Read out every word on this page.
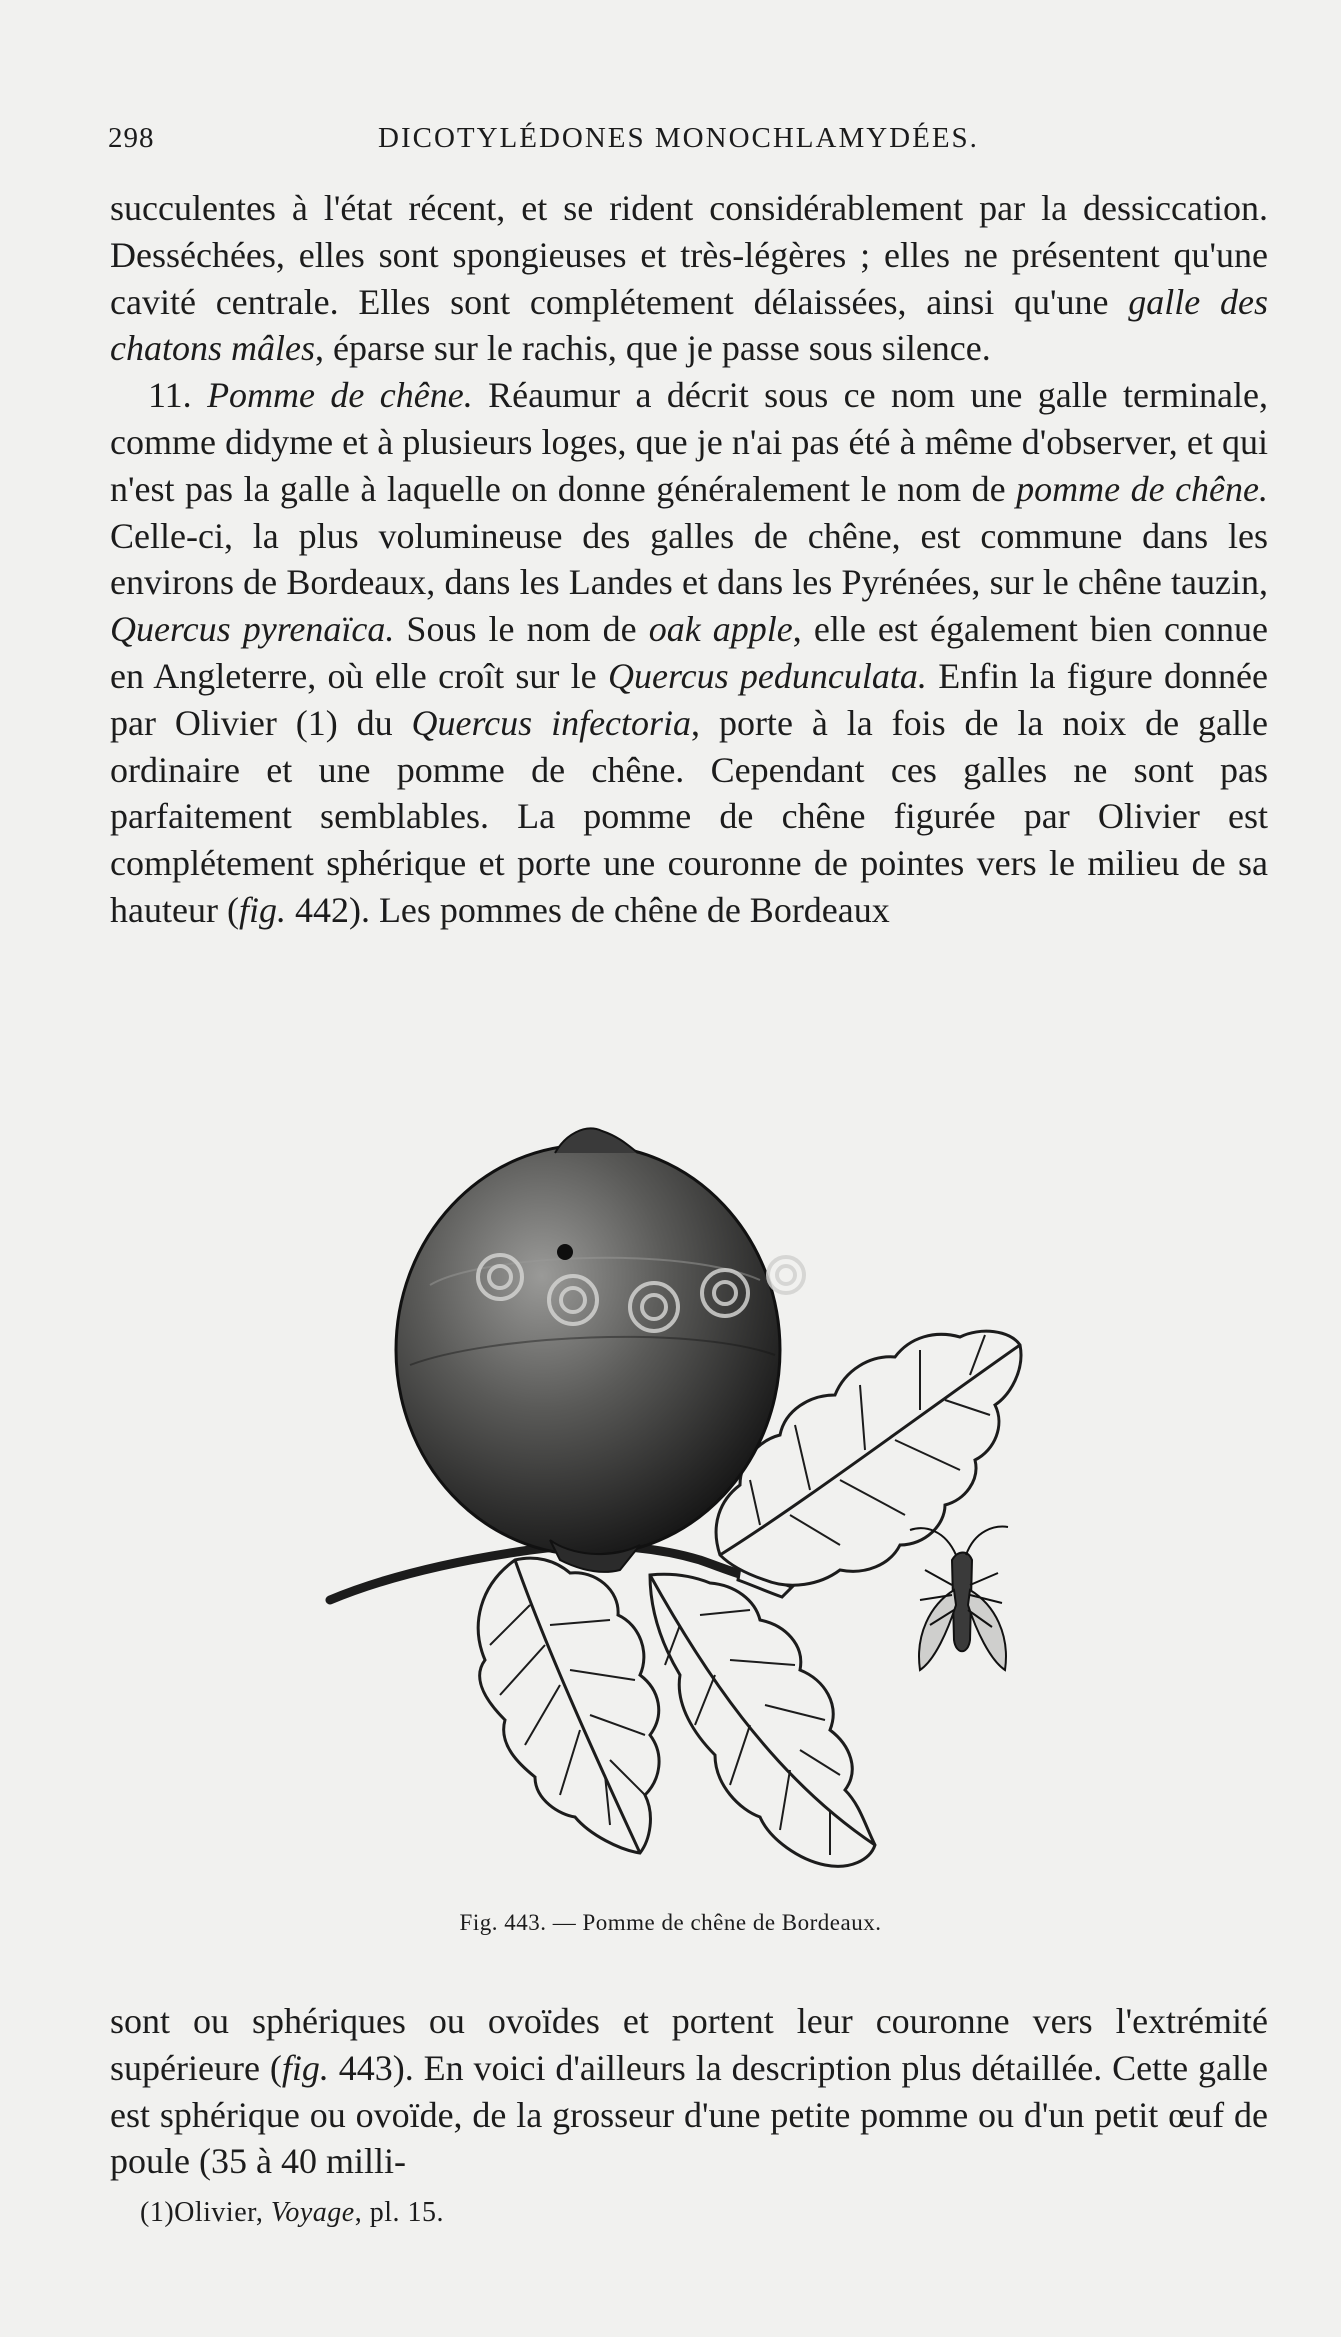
298	DICOTYLÉDONES MONOCHLAMYDÉES.

succulentes à l'état récent, et se rident considérablement par la dessiccation. Desséchées, elles sont spongieuses et très-légères ; elles ne présentent qu'une cavité centrale. Elles sont complétement délaissées, ainsi qu'une galle des chatons mâles, éparse sur le rachis, que je passe sous silence.

11. Pomme de chêne. Réaumur a décrit sous ce nom une galle terminale, comme didyme et à plusieurs loges, que je n'ai pas été à même d'observer, et qui n'est pas la galle à laquelle on donne généralement le nom de pomme de chêne. Celle-ci, la plus volumineuse des galles de chêne, est commune dans les environs de Bordeaux, dans les Landes et dans les Pyrénées, sur le chêne tauzin, Quercus pyrenaïca. Sous le nom de oak apple, elle est également bien connue en Angleterre, où elle croît sur le Quercus pedunculata. Enfin la figure donnée par Olivier (1) du Quercus infectoria, porte à la fois de la noix de galle ordinaire et une pomme de chêne. Cependant ces galles ne sont pas parfaitement semblables. La pomme de chêne figurée par Olivier est complétement sphérique et porte une couronne de pointes vers le milieu de sa hauteur (fig. 442). Les pommes de chêne de Bordeaux

Fig. 443. — Pomme de chêne de Bordeaux.

sont ou sphériques ou ovoïdes et portent leur couronne vers l'extrémité supérieure (fig. 443). En voici d'ailleurs la description plus détaillée. Cette galle est sphérique ou ovoïde, de la grosseur d'une petite pomme ou d'un petit œuf de poule (35 à 40 milli-

(1)Olivier, Voyage, pl. 15.
